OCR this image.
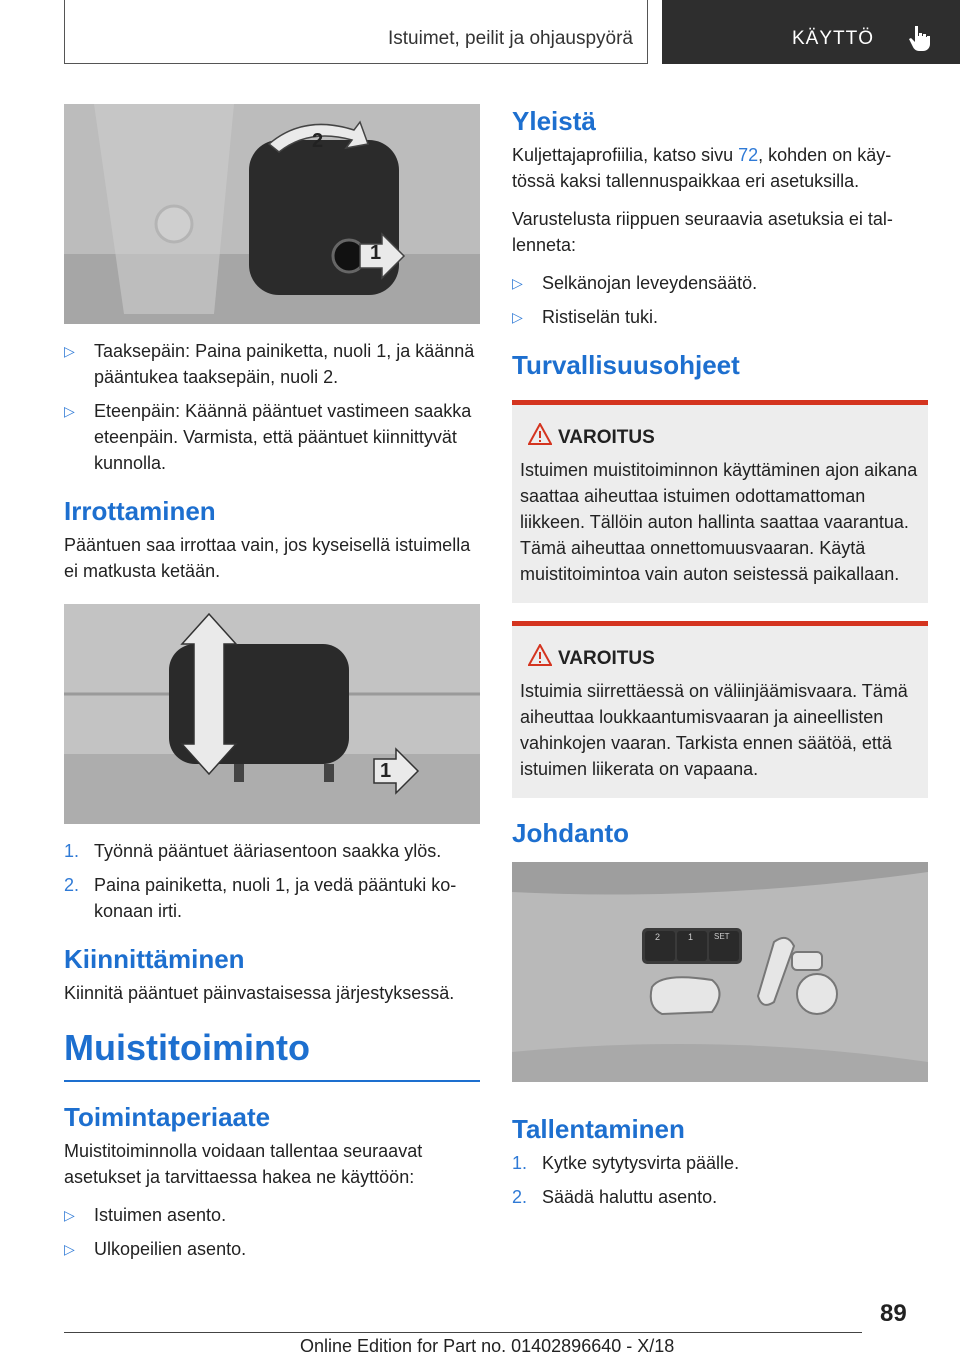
Istuimet, peilit ja ohjauspyörä	KÄYTTÖ
2
1
▷ Taaksepäin: Paina painiketta, nuoli 1, ja käännä pääntukea taaksepäin, nuoli 2.
▷ Eteenpäin: Käännä pääntuet vastimeen saakka eteenpäin. Varmista, että pääntuet kiinnittyvät kunnolla.
Irrottaminen

Pääntuen saa irrottaa vain, jos kyseisellä istuimella ei matkusta ketään.

1
1. Työnnä pääntuet ääriasentoon saakka ylös.
2. Paina painiketta, nuoli 1, ja vedä pääntuki kokonaan irti.
Kiinnittäminen

Kiinnitä pääntuet päinvastaisessa järjestyksessä.

Muistitoiminto
Toimintaperiaate

Muistitoiminnolla voidaan tallentaa seuraavat asetukset ja tarvittaessa hakea ne käyttöön:

▷ Istuimen asento.
▷ Ulkopeilien asento.
Yleistä

Kuljettajaprofiilia, katso sivu 72, kohden on käytössä kaksi tallennuspaikkaa eri asetuksilla.

Varustelusta riippuen seuraavia asetuksia ei tallenneta:

▷ Selkänojan leveydensäätö.
▷ Ristiselän tuki.
Turvallisuusohjeet
VAROITUS

Istuimen muistitoiminnon käyttäminen ajon aikana saattaa aiheuttaa istuimen odottamattoman liikkeen. Tällöin auton hallinta saattaa vaarantua. Tämä aiheuttaa onnettomuusvaaran. Käytä muistitoimintoa vain auton seistessä paikallaan.

VAROITUS

Istuimia siirrettäessä on väliinjäämisvaara. Tämä aiheuttaa loukkaantumisvaaran ja aineellisten vahinkojen vaaran. Tarkista ennen säätöä, että istuimen liikerata on vapaana.

Johdanto
2	1	SET
Tallentaminen
1. Kytke sytytysvirta päälle.
2. Säädä haluttu asento.
89
Online Edition for Part no. 01402896640 - X/18
